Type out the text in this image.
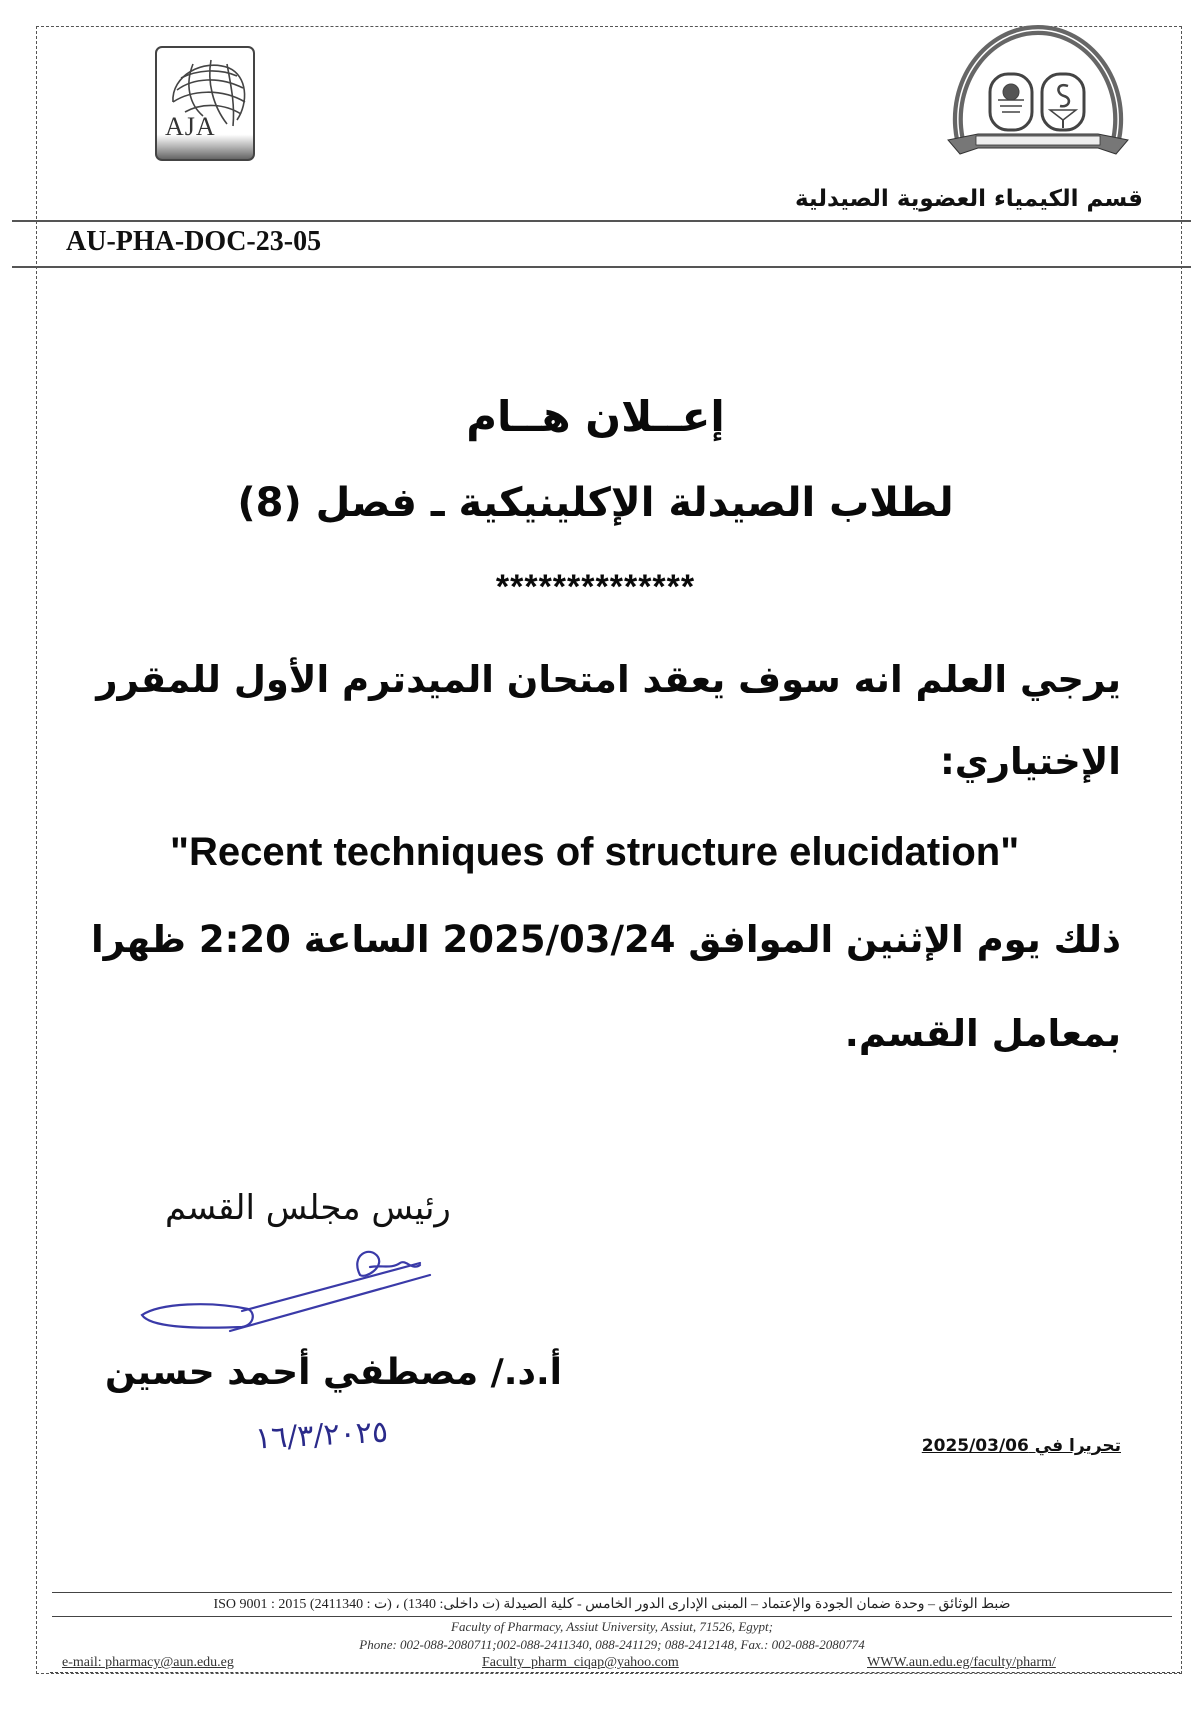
AJA
قسم الكيمياء العضوية الصيدلية
AU-PHA-DOC-23-05
إعــلان هــام
لطلاب الصيدلة الإكلينيكية ـ فصل (8)
**************
يرجي العلم انه سوف يعقد امتحان الميدترم الأول للمقرر
الإختياري:
"Recent techniques of structure elucidation"
ذلك يوم الإثنين الموافق 2025/03/24 الساعة 2:20 ظهرا
بمعامل القسم.
رئيس مجلس القسم
أ.د./ مصطفي أحمد حسين
١٦/٣/٢٠٢٥	تحريرا في 2025/03/06
ضبط الوثائق – وحدة ضمان الجودة والإعتماد – المبنى الإدارى الدور الخامس - كلية الصيدلة (ت داخلى: 1340) ، (ت : 2411340) ISO 9001 : 2015
Faculty of Pharmacy, Assiut University, Assiut, 71526, Egypt;
Phone: 002-088-2080711;002-088-2411340, 088-241129; 088-2412148, Fax.: 002-088-2080774
e-mail: pharmacy@aun.edu.eg	Faculty_pharm_ciqap@yahoo.com	WWW.aun.edu.eg/faculty/pharm/
